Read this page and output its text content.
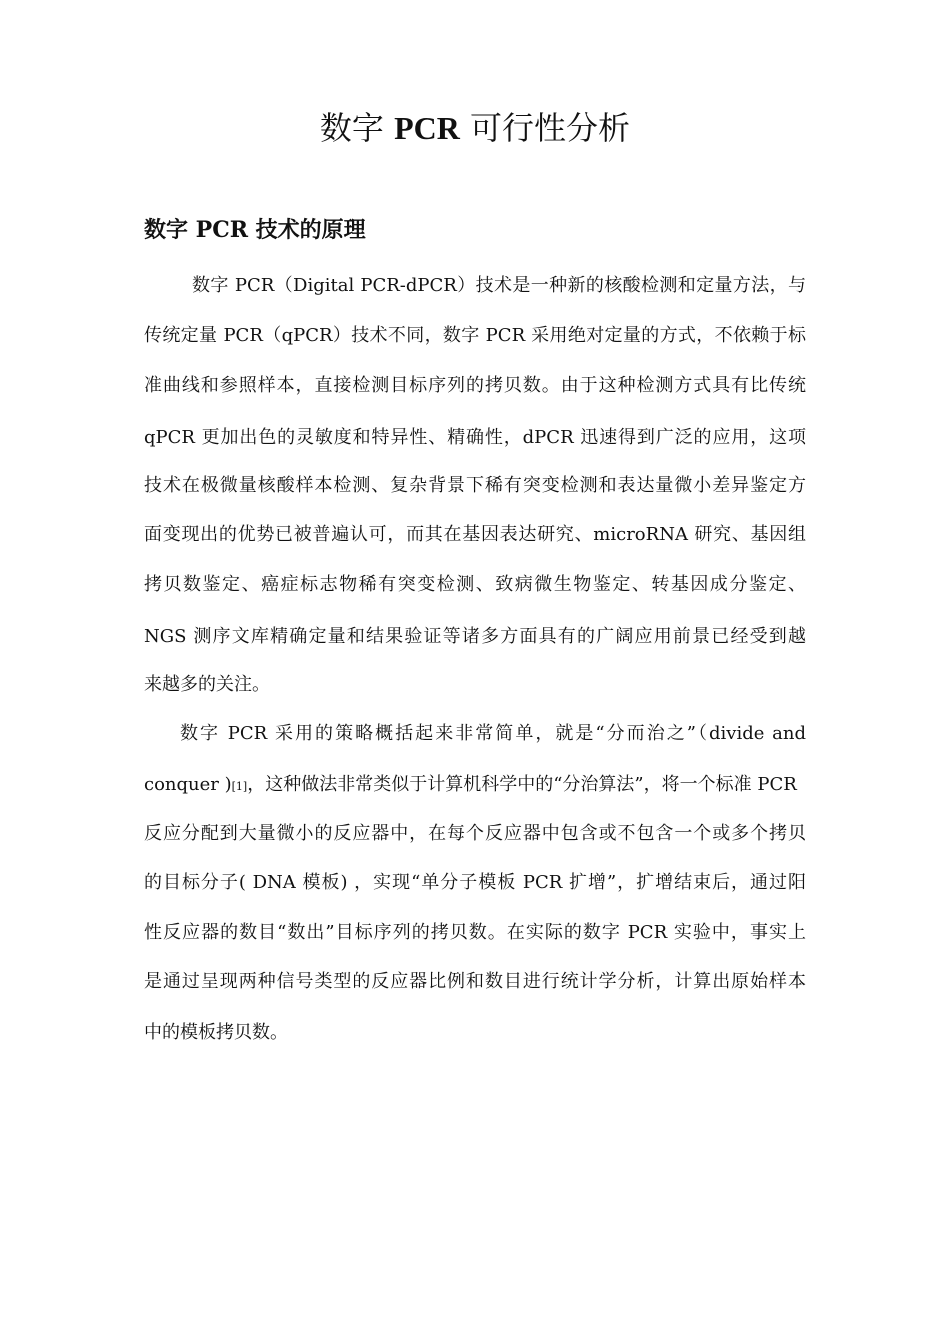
数字 PCR 可行性分析
数字 PCR 技术的原理
数字 PCR（Digital PCR-dPCR）技术是一种新的核酸检测和定量方法，与
传统定量 PCR（qPCR）技术不同，数字 PCR 采用绝对定量的方式，不依赖于标
准曲线和参照样本，直接检测目标序列的拷贝数。由于这种检测方式具有比传统
qPCR 更加出色的灵敏度和特异性、精确性，dPCR 迅速得到广泛的应用，这项
技术在极微量核酸样本检测、复杂背景下稀有突变检测和表达量微小差异鉴定方
面变现出的优势已被普遍认可，而其在基因表达研究、microRNA 研究、基因组
拷贝数鉴定、癌症标志物稀有突变检测、致病微生物鉴定、转基因成分鉴定、
NGS 测序文库精确定量和结果验证等诸多方面具有的广阔应用前景已经受到越
来越多的关注。
数字 PCR 采用的策略概括起来非常简单，就是“分而治之”（divide and
conquer )[1]，这种做法非常类似于计算机科学中的“分治算法”，将一个标准 PCR
反应分配到大量微小的反应器中，在每个反应器中包含或不包含一个或多个拷贝
的目标分子( DNA 模板) ，实现“单分子模板 PCR 扩增”，扩增结束后，通过阳
性反应器的数目“数出”目标序列的拷贝数。在实际的数字 PCR 实验中，事实上
是通过呈现两种信号类型的反应器比例和数目进行统计学分析，计算出原始样本
中的模板拷贝数。
